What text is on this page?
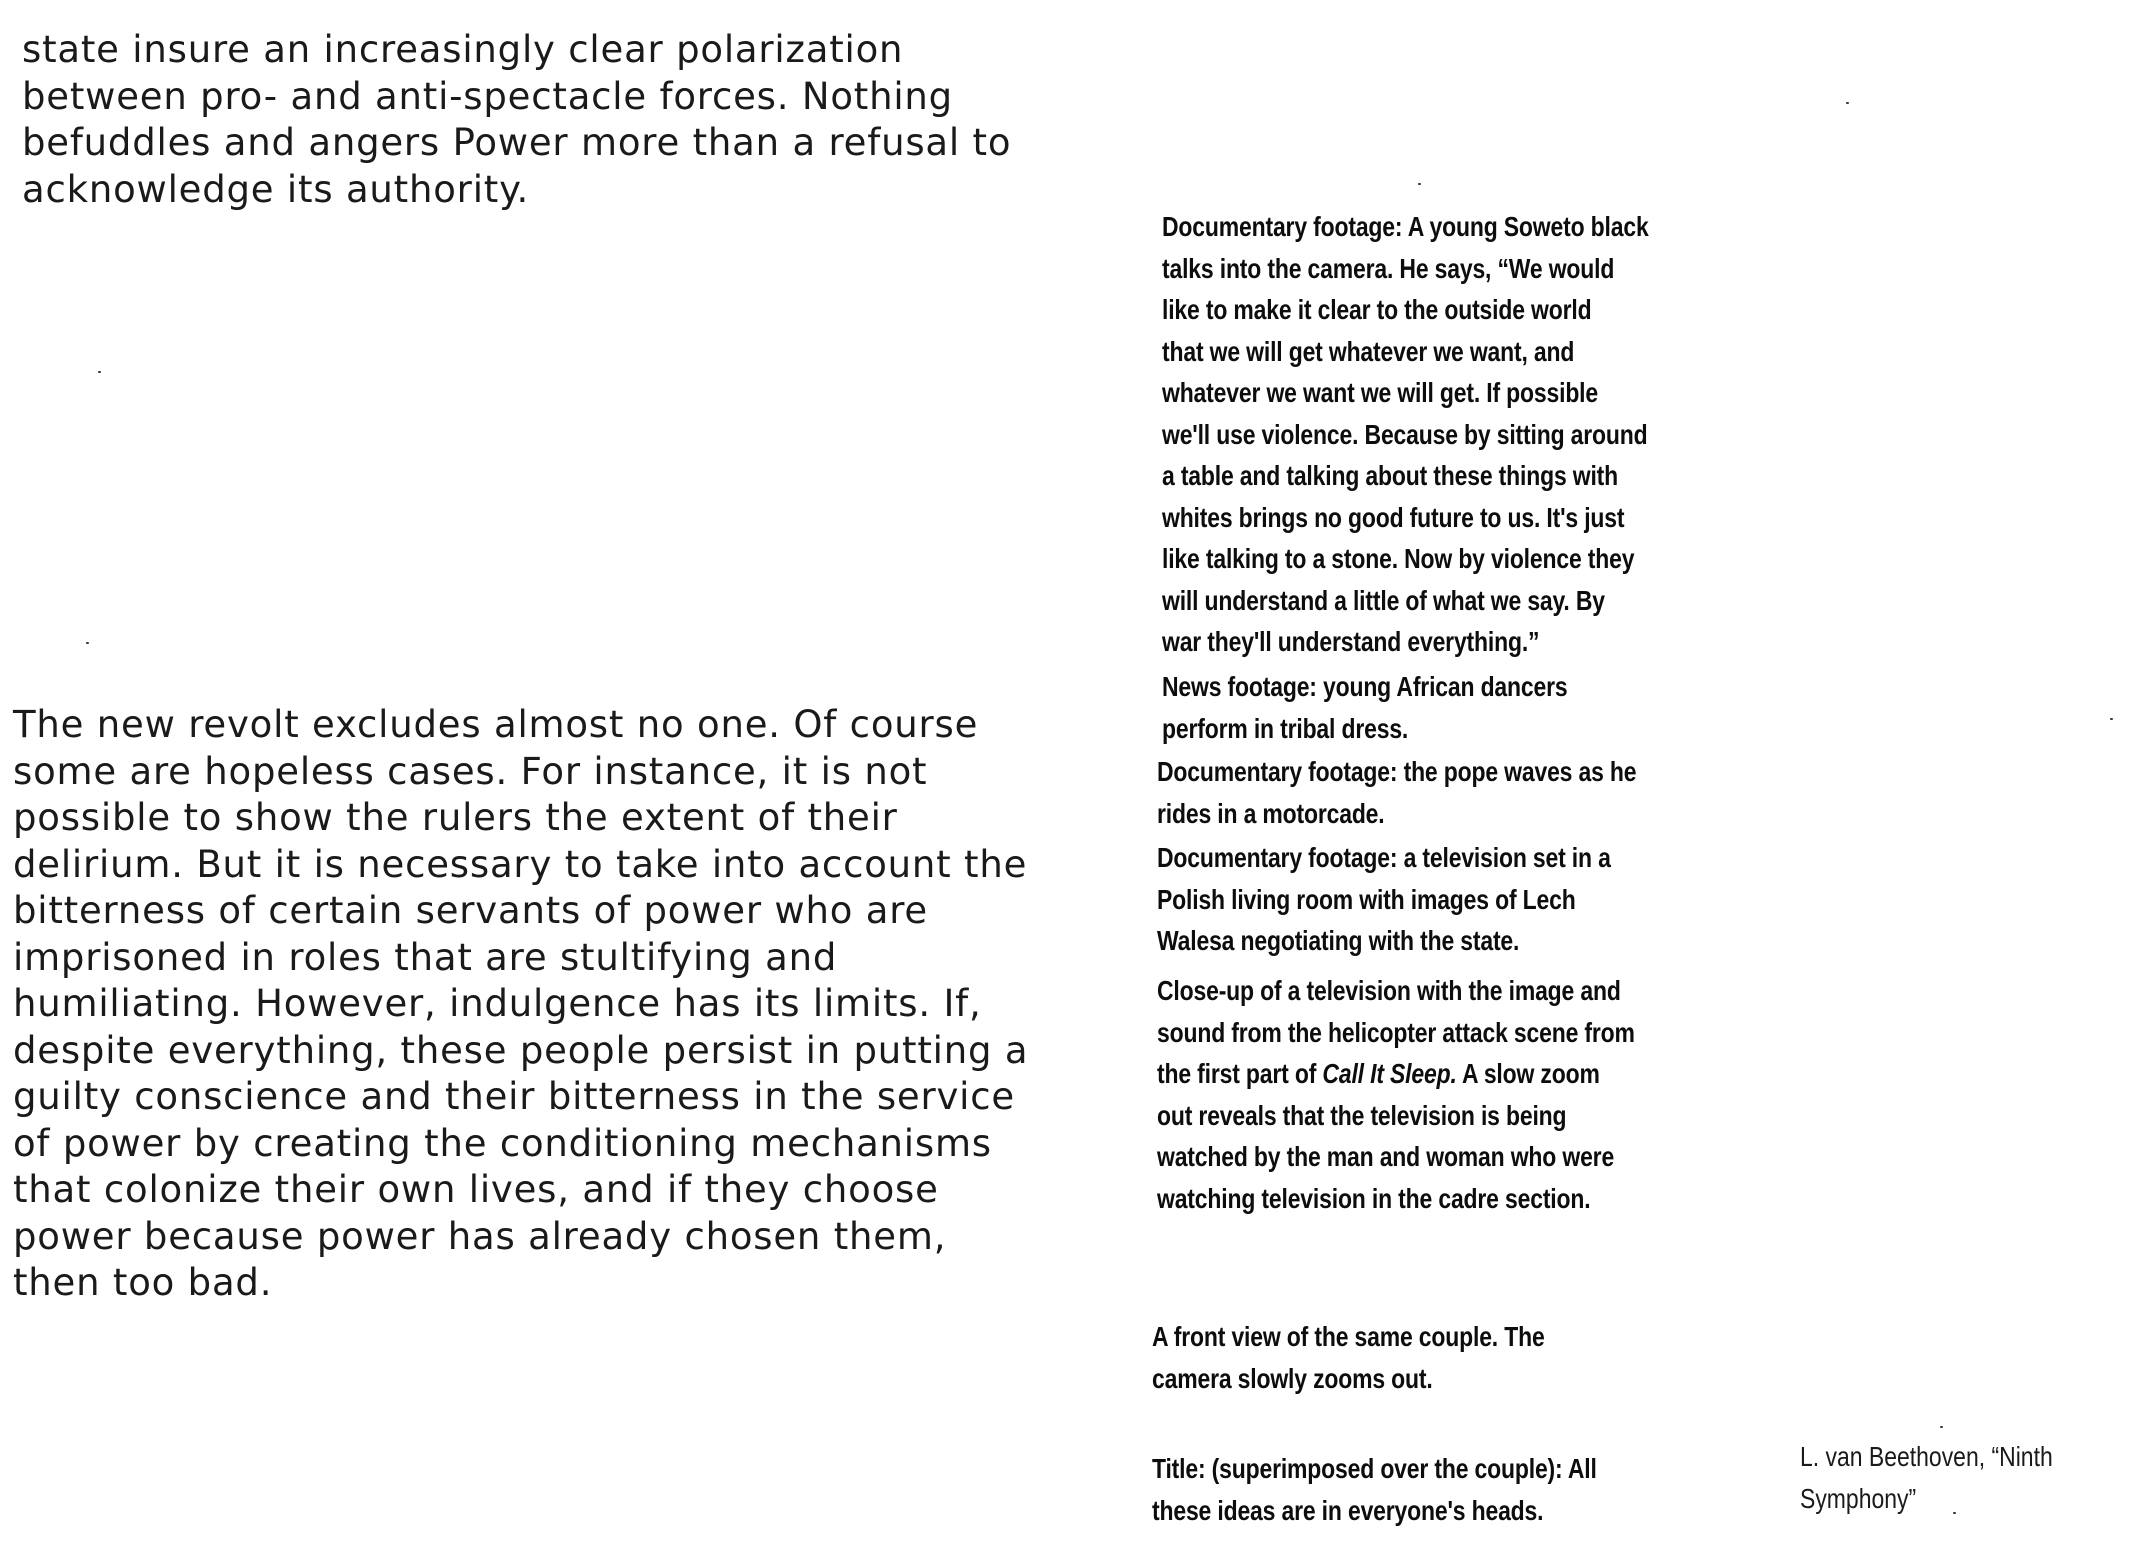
state insure an increasingly clear polarization
between pro- and anti-spectacle forces. Nothing
befuddles and angers Power more than a refusal to
acknowledge its authority.
The new revolt excludes almost no one. Of course
some are hopeless cases. For instance, it is not
possible to show the rulers the extent of their
delirium. But it is necessary to take into account the
bitterness of certain servants of power who are
imprisoned in roles that are stultifying and
humiliating. However, indulgence has its limits. If,
despite everything, these people persist in putting a
guilty conscience and their bitterness in the service
of power by creating the conditioning mechanisms
that colonize their own lives, and if they choose
power because power has already chosen them,
then too bad.
Documentary footage: A young Soweto black
talks into the camera. He says, “We would
like to make it clear to the outside world
that we will get whatever we want, and
whatever we want we will get. If possible
we'll use violence. Because by sitting around
a table and talking about these things with
whites brings no good future to us. It's just
like talking to a stone. Now by violence they
will understand a little of what we say. By
war they'll understand everything.”
News footage: young African dancers
perform in tribal dress.
Documentary footage: the pope waves as he
rides in a motorcade.
Documentary footage: a television set in a
Polish living room with images of Lech
Walesa negotiating with the state.
Close-up of a television with the image and
sound from the helicopter attack scene from
the first part of Call It Sleep. A slow zoom
out reveals that the television is being
watched by the man and woman who were
watching television in the cadre section.
A front view of the same couple. The
camera slowly zooms out.
Title: (superimposed over the couple): All
these ideas are in everyone's heads.
L. van Beethoven, “Ninth
Symphony”
